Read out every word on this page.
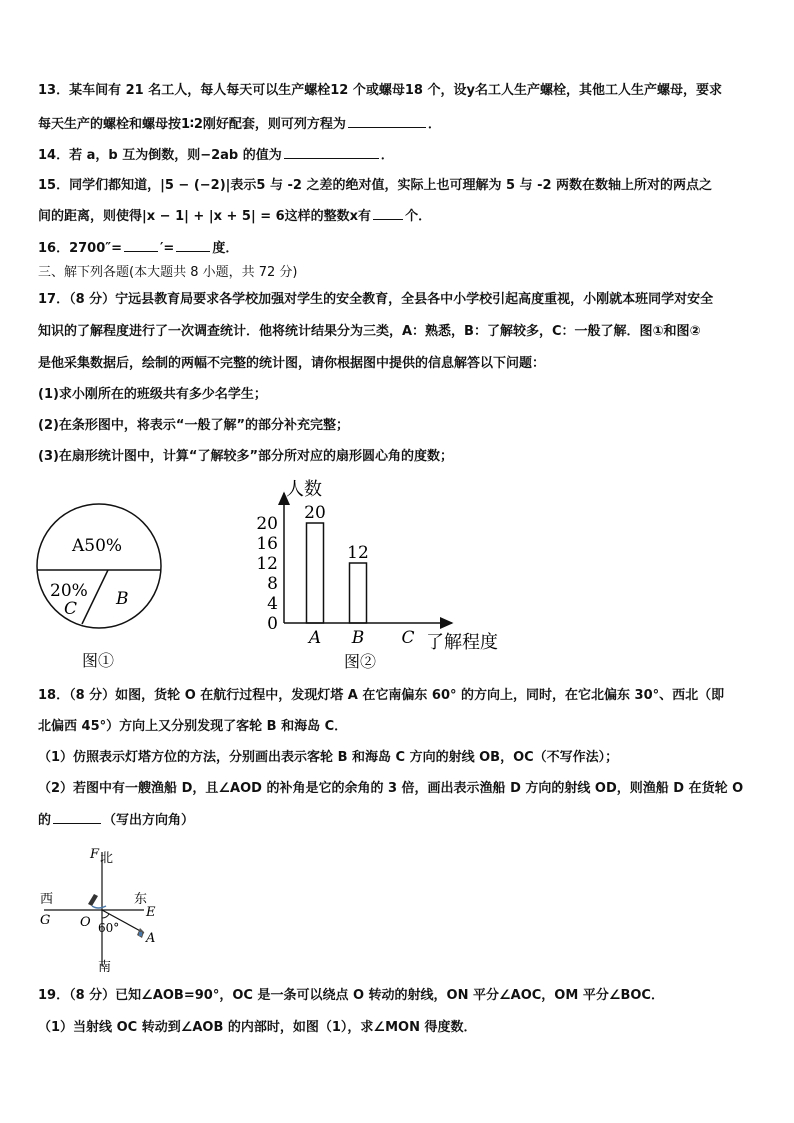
13．某车间有 21 名工人，每人每天可以生产螺栓12 个或螺母18 个，设y名工人生产螺栓，其他工人生产螺母，要求
每天生产的螺栓和螺母按1∶2刚好配套，则可列方程为	．
14．若 a，b 互为倒数，则−2ab 的值为	．
15．同学们都知道，|5 − (−2)|表示5 与 -2 之差的绝对值，实际上也可理解为 5 与 -2 两数在数轴上所对的两点之
间的距离，则使得|x − 1| + |x + 5| = 6这样的整数x有	个．
16．2700″=	′=	度．
三、解下列各题(本大题共 8 小题，共 72 分)
17．（8 分）宁远县教育局要求各学校加强对学生的安全教育，全县各中小学校引起高度重视，小刚就本班同学对安全
知识的了解程度进行了一次调查统计．他将统计结果分为三类，A：熟悉，B：了解较多，C：一般了解．图①和图②
是他采集数据后，绘制的两幅不完整的统计图，请你根据图中提供的信息解答以下问题：
(1)求小刚所在的班级共有多少名学生；
(2)在条形图中，将表示“一般了解”的部分补充完整；
(3)在扇形统计图中，计算“了解较多”部分所对应的扇形圆心角的度数；
A50%
20%
C B
图①
人数
了解程度
0
4
8
12
16
20
20
12
A B C
图②
18．（8 分）如图，货轮 O 在航行过程中，发现灯塔 A 在它南偏东 60° 的方向上，同时，在它北偏东 30°、西北（即
北偏西 45°）方向上又分别发现了客轮 B 和海岛 C．
（1）仿照表示灯塔方位的方法，分别画出表示客轮 B 和海岛 C 方向的射线 OB，OC（不写作法）；
（2）若图中有一艘渔船 D，且∠AOD 的补角是它的余角的 3 倍，画出表示渔船 D 方向的射线 OD，则渔船 D 在货轮 O
的	（写出方向角）
F 北
西	东
G O
E
60°
A
南
19．（8 分）已知∠AOB=90°，OC 是一条可以绕点 O 转动的射线，ON 平分∠AOC，OM 平分∠BOC．
（1）当射线 OC 转动到∠AOB 的内部时，如图（1），求∠MON 得度数．
